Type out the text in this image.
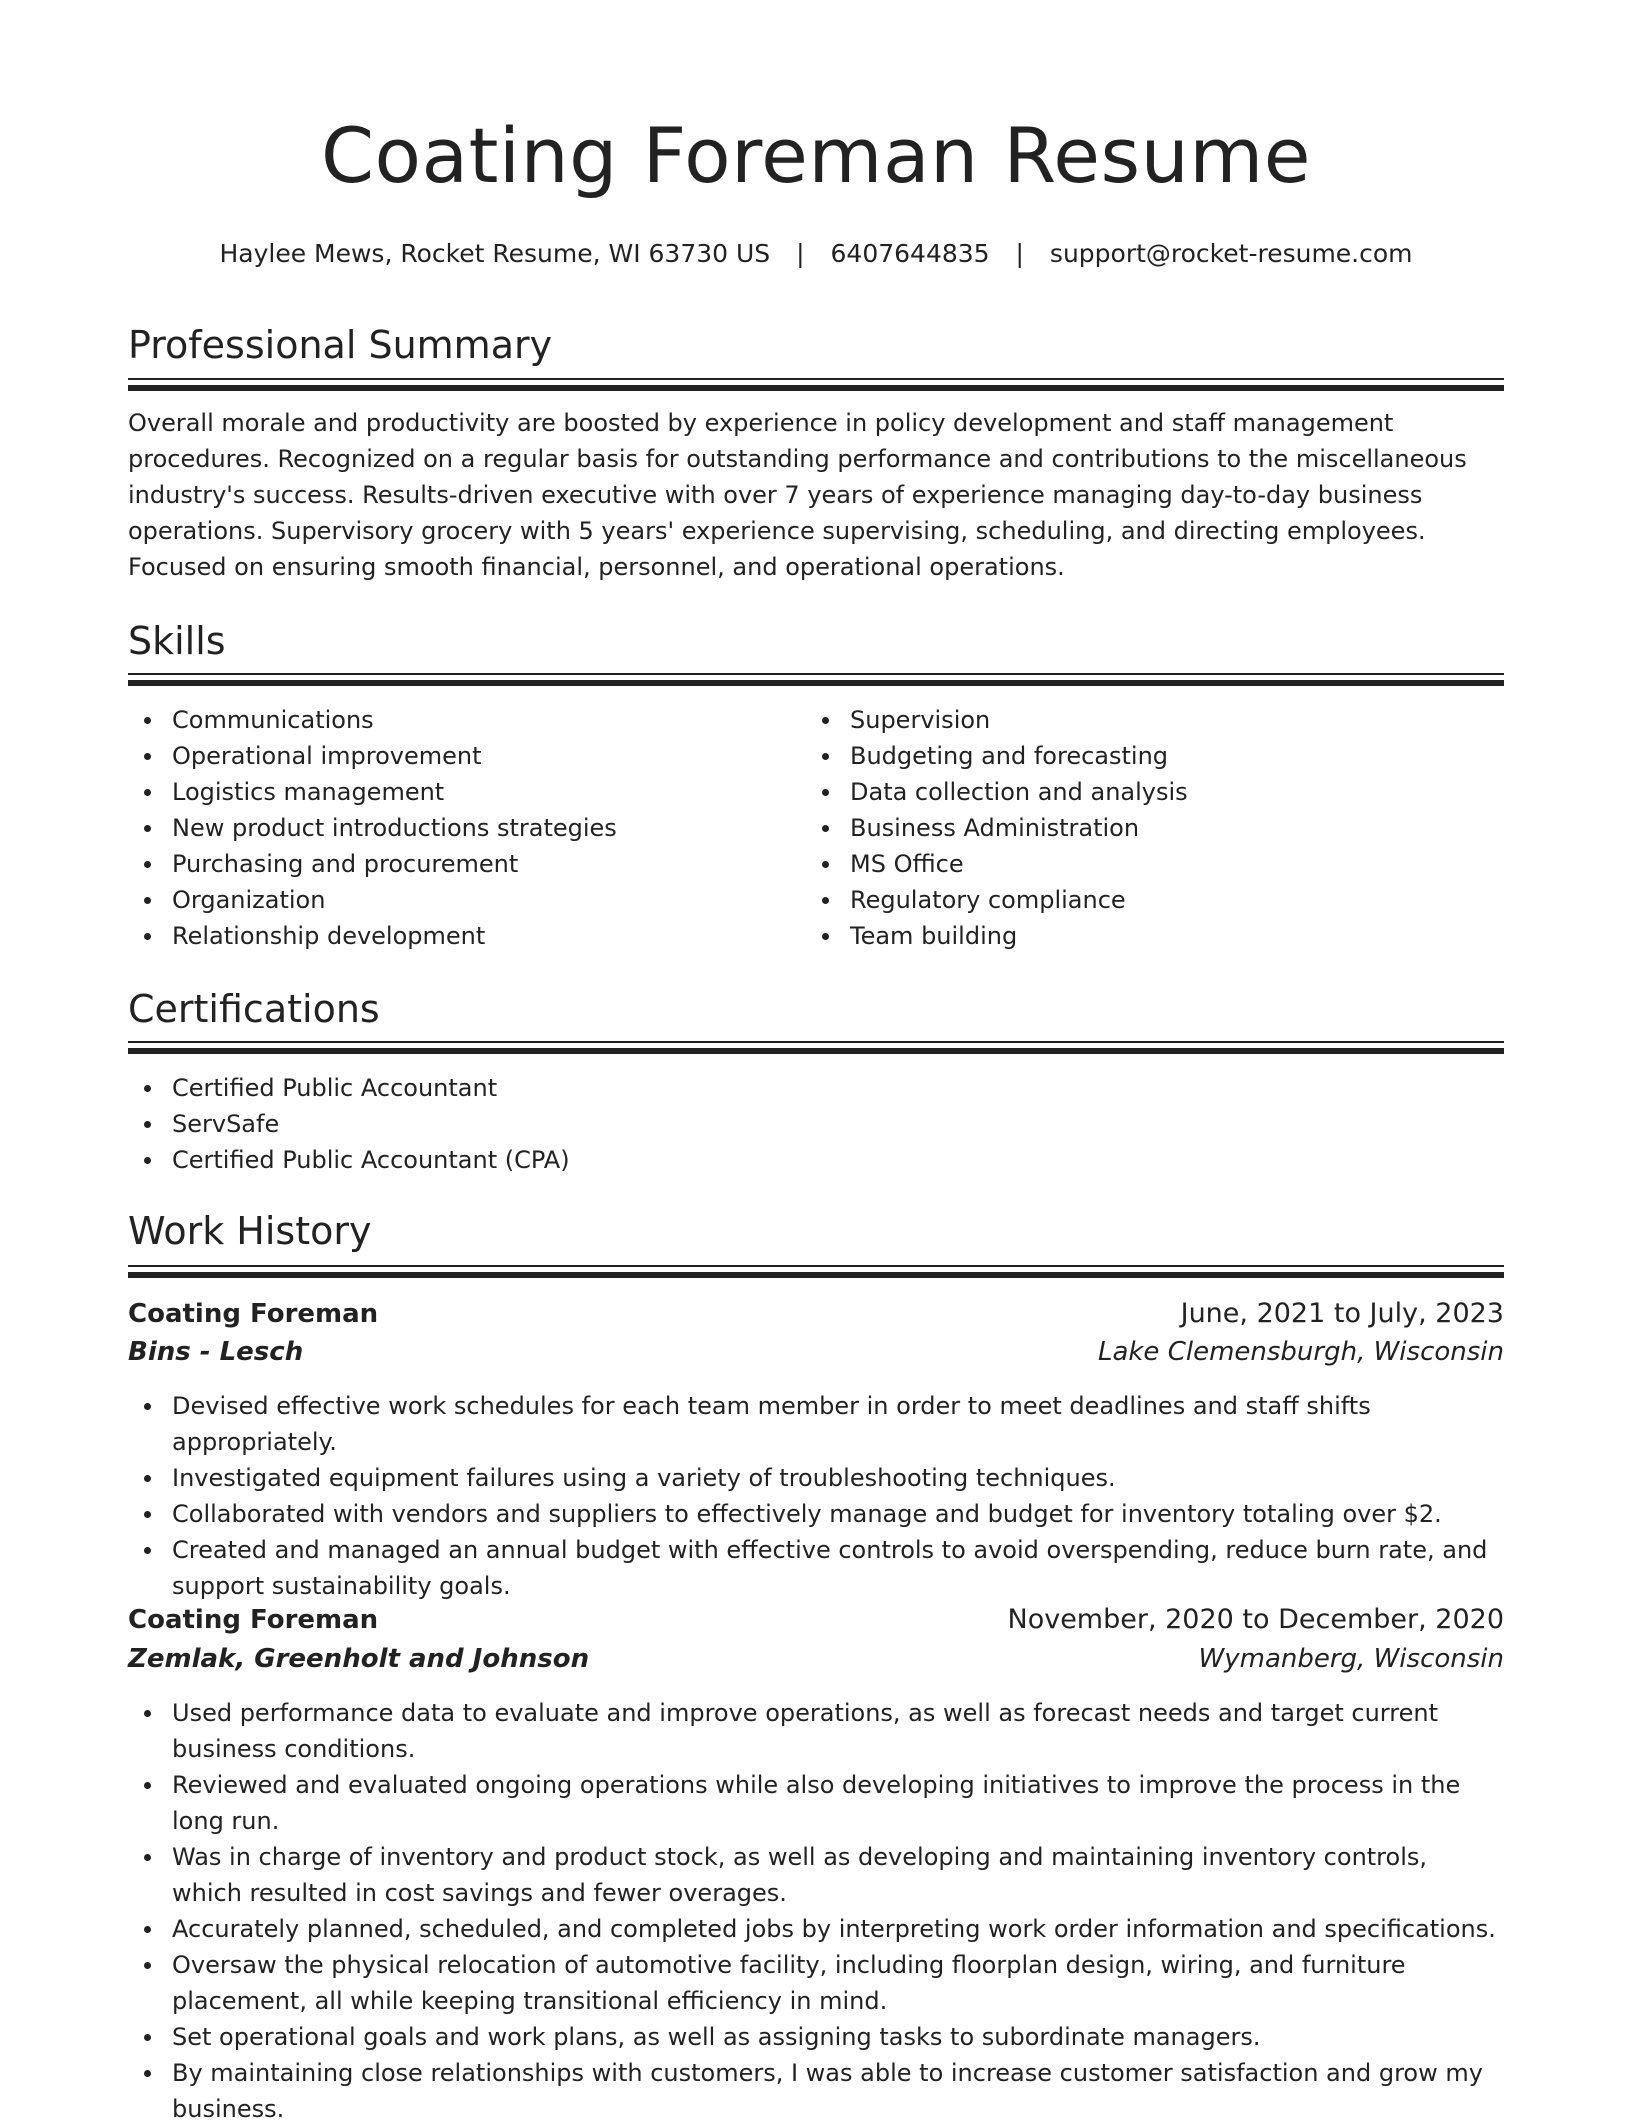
Coating Foreman Resume
Haylee Mews, Rocket Resume, WI 63730 US | 6407644835 | support@rocket-resume.com
Professional Summary

Overall morale and productivity are boosted by experience in policy development and staff management procedures. Recognized on a regular basis for outstanding performance and contributions to the miscellaneous industry's success. Results-driven executive with over 7 years of experience managing day-to-day business operations. Supervisory grocery with 5 years' experience supervising, scheduling, and directing employees. Focused on ensuring smooth financial, personnel, and operational operations.

Skills
Communications
Operational improvement
Logistics management
New product introductions strategies
Purchasing and procurement
Organization
Relationship development
Supervision
Budgeting and forecasting
Data collection and analysis
Business Administration
MS Office
Regulatory compliance
Team building
Certifications
Certified Public Accountant
ServSafe
Certified Public Accountant (CPA)
Work History
Coating Foreman	June, 2021 to July, 2023
Bins - Lesch	Lake Clemensburgh, Wisconsin
Devised effective work schedules for each team member in order to meet deadlines and staff shifts appropriately.
Investigated equipment failures using a variety of troubleshooting techniques.
Collaborated with vendors and suppliers to effectively manage and budget for inventory totaling over $2.
Created and managed an annual budget with effective controls to avoid overspending, reduce burn rate, and support sustainability goals.
Coating Foreman	November, 2020 to December, 2020
Zemlak, Greenholt and Johnson	Wymanberg, Wisconsin
Used performance data to evaluate and improve operations, as well as forecast needs and target current business conditions.
Reviewed and evaluated ongoing operations while also developing initiatives to improve the process in the long run.
Was in charge of inventory and product stock, as well as developing and maintaining inventory controls, which resulted in cost savings and fewer overages.
Accurately planned, scheduled, and completed jobs by interpreting work order information and specifications.
Oversaw the physical relocation of automotive facility, including floorplan design, wiring, and furniture placement, all while keeping transitional efficiency in mind.
Set operational goals and work plans, as well as assigning tasks to subordinate managers.
By maintaining close relationships with customers, I was able to increase customer satisfaction and grow my business.
